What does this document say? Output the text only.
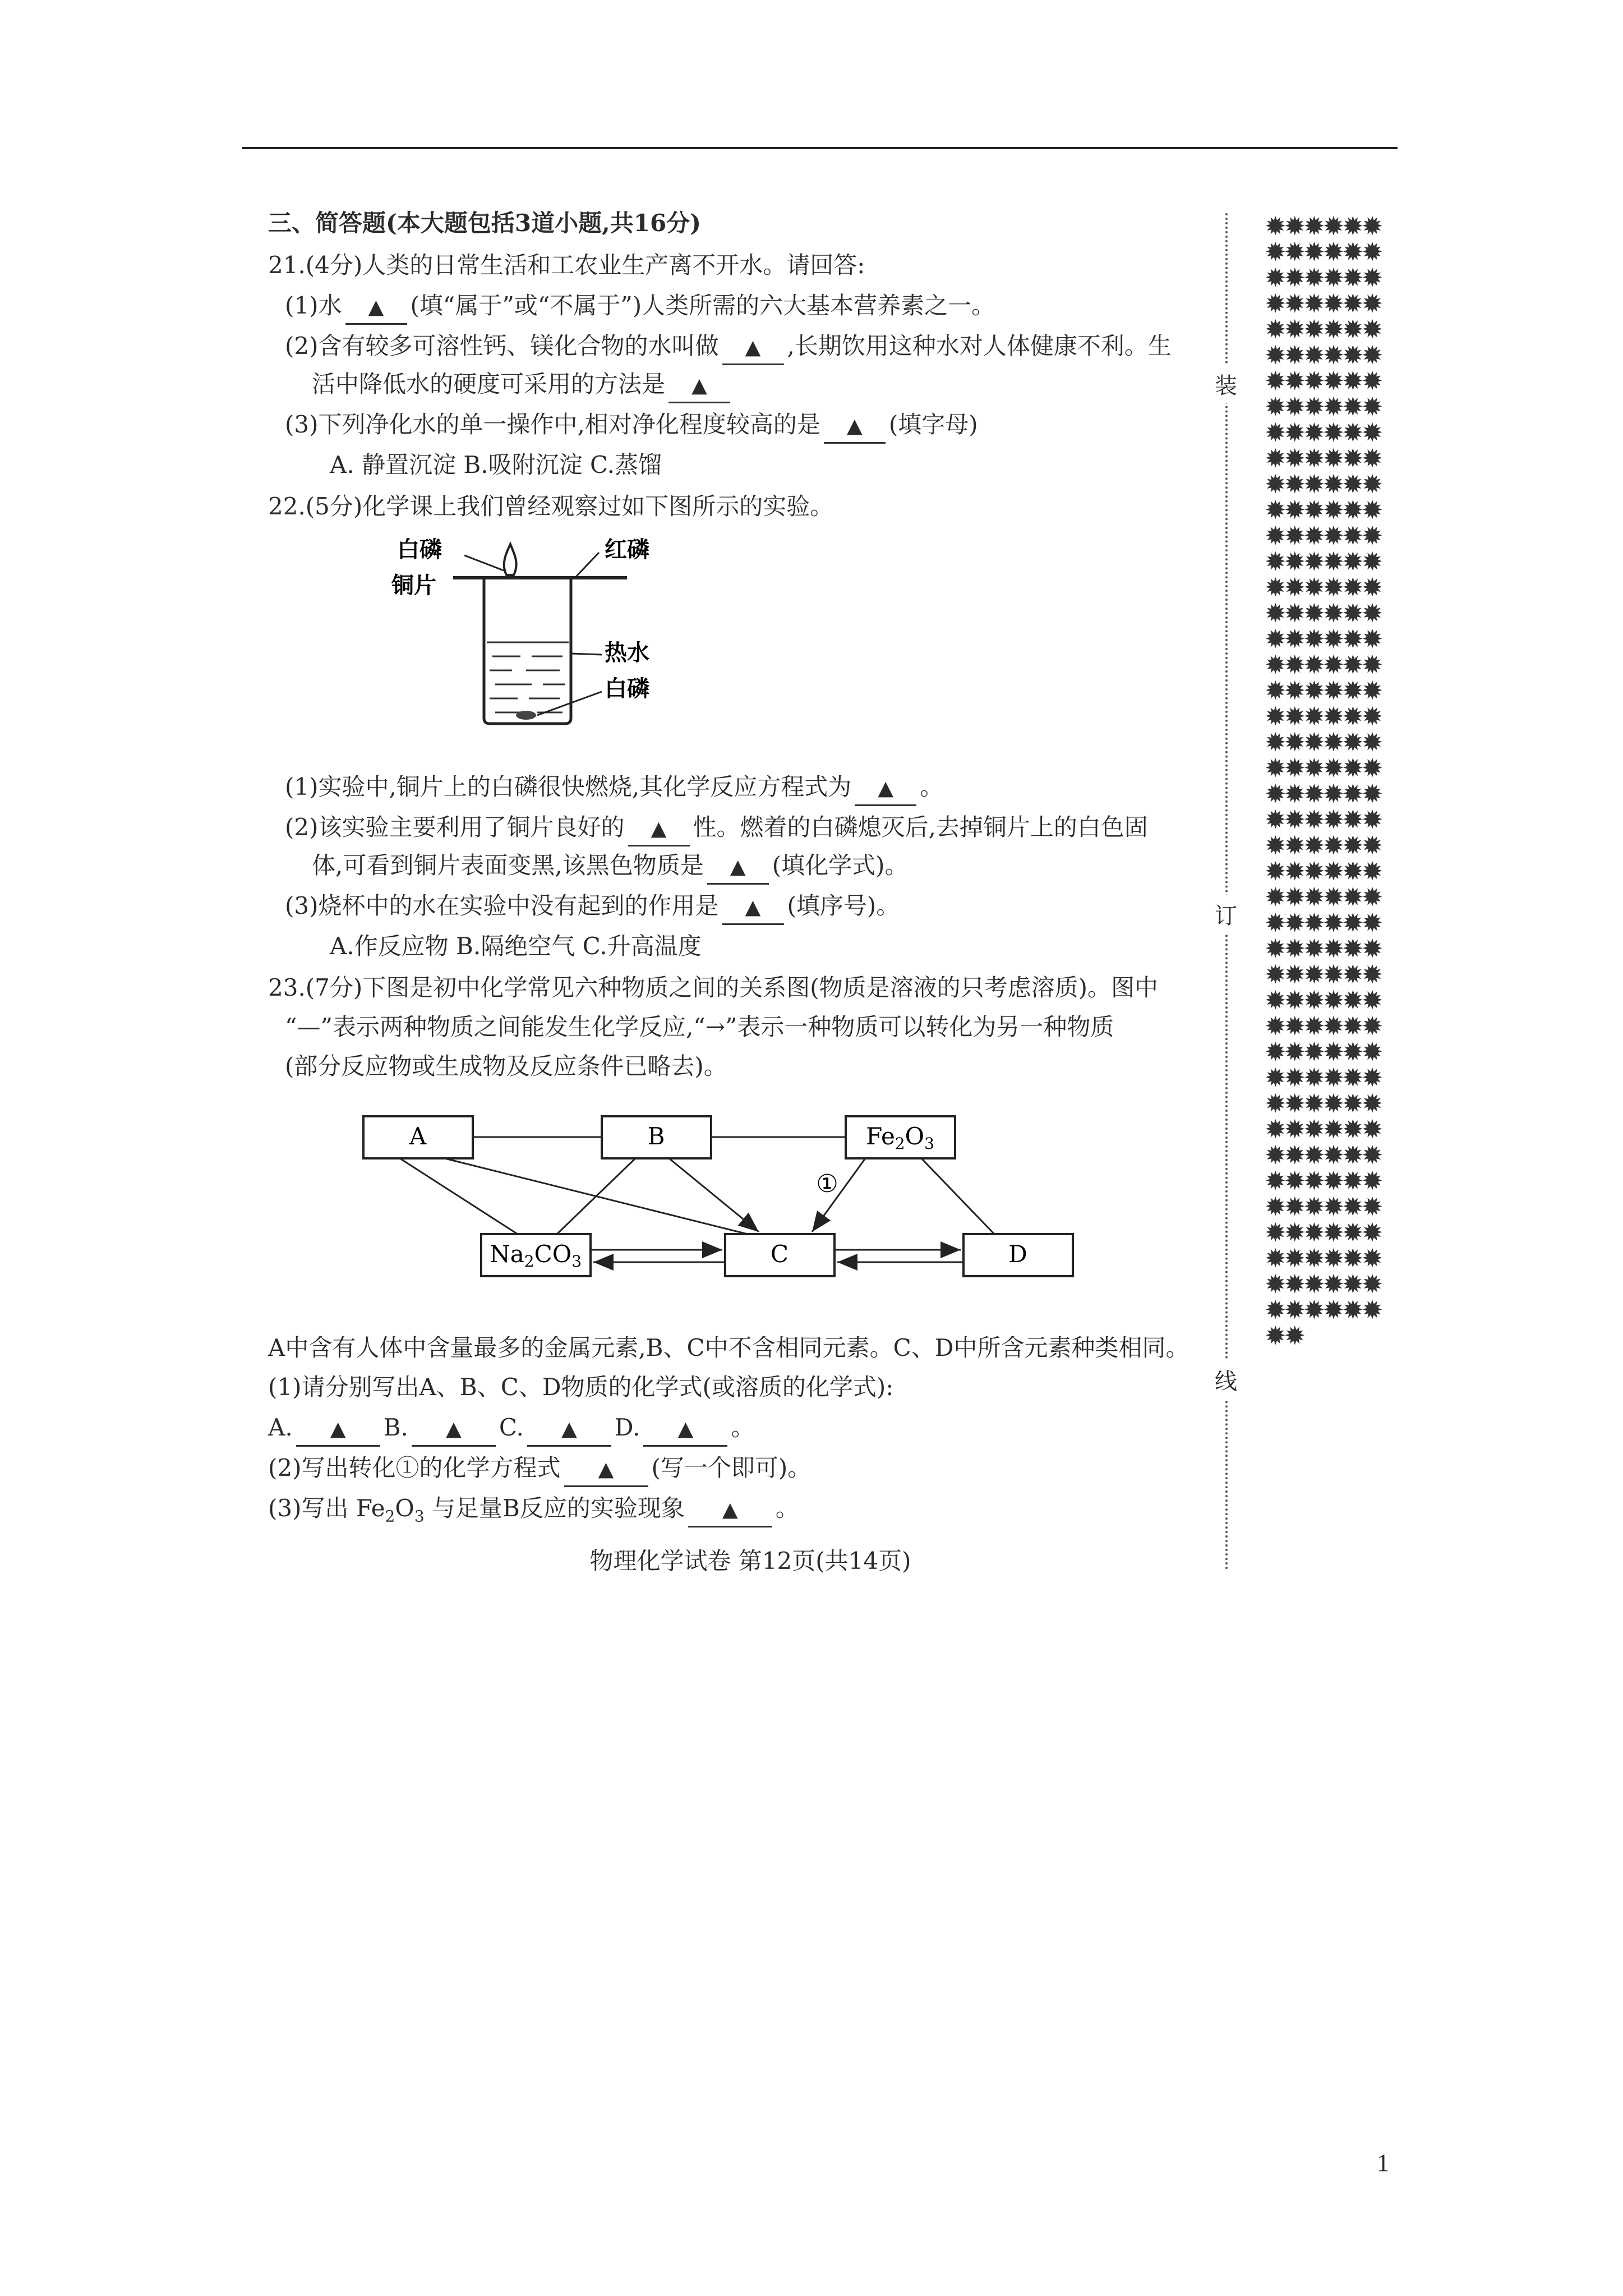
三、简答题(本大题包括3道小题,共16分)
21.(4分)人类的日常生活和工农业生产离不开水。请回答:
(1)水 ▲ (填“属于”或“不属于”)人类所需的六大基本营养素之一。
(2)含有较多可溶性钙、镁化合物的水叫做 ▲ ,长期饮用这种水对人体健康不利。生
活中降低水的硬度可采用的方法是 ▲
(3)下列净化水的单一操作中,相对净化程度较高的是 ▲ (填字母)
A. 静置沉淀 B.吸附沉淀 C.蒸馏
22.(5分)化学课上我们曾经观察过如下图所示的实验。
白磷	红磷
铜片
热水
白磷
(1)实验中,铜片上的白磷很快燃烧,其化学反应方程式为 ▲ 。
(2)该实验主要利用了铜片良好的 ▲ 性。燃着的白磷熄灭后,去掉铜片上的白色固
体,可看到铜片表面变黑,该黑色物质是 ▲ (填化学式)。
(3)烧杯中的水在实验中没有起到的作用是 ▲ (填序号)。
A.作反应物 B.隔绝空气 C.升高温度
23.(7分)下图是初中化学常见六种物质之间的关系图(物质是溶液的只考虑溶质)。图中
“—”表示两种物质之间能发生化学反应,“→”表示一种物质可以转化为另一种物质
(部分反应物或生成物及反应条件已略去)。
A	B	Fe2O3
Na2CO3	C	D
①
A中含有人体中含量最多的金属元素,B、C中不含相同元素。C、D中所含元素种类相同。
(1)请分别写出A、B、C、D物质的化学式(或溶质的化学式):
A. ▲ B. ▲ C. ▲ D. ▲ 。
(2)写出转化①的化学方程式 ▲ (写一个即可)。
(3)写出 $Fe_2O_3$ 与足量B反应的实验现象 ▲ 。
物理化学试卷 第12页(共14页)
装
订
线
✹✹✹✹✹✹✹✹✹✹✹✹✹✹✹✹✹✹✹✹✹✹✹✹✹✹✹✹✹✹✹✹✹✹✹✹✹✹✹✹✹✹✹✹✹✹✹✹✹✹✹✹✹✹✹✹✹✹✹✹✹✹✹✹✹✹✹✹✹✹✹✹✹✹✹✹✹✹✹✹✹✹✹✹✹✹✹✹✹✹✹✹✹✹✹✹✹✹✹✹✹✹✹✹✹✹✹✹✹✹✹✹✹✹✹✹✹✹✹✹✹✹✹✹✹✹✹✹✹✹✹✹✹✹✹✹✹✹✹✹✹✹✹✹✹✹✹✹✹✹✹✹✹✹✹✹✹✹✹✹✹✹✹✹✹✹✹✹✹✹✹✹✹✹✹✹✹✹✹✹✹✹✹✹✹✹✹✹✹✹✹✹✹✹✹✹✹✹✹✹✹✹✹✹✹✹✹✹✹✹✹✹✹✹✹✹✹✹✹✹✹✹✹✹✹✹✹✹✹✹✹✹✹✹✹✹✹✹✹✹✹✹✹✹✹✹✹✹✹✹✹✹✹✹✹✹✹✹✹✹
1
